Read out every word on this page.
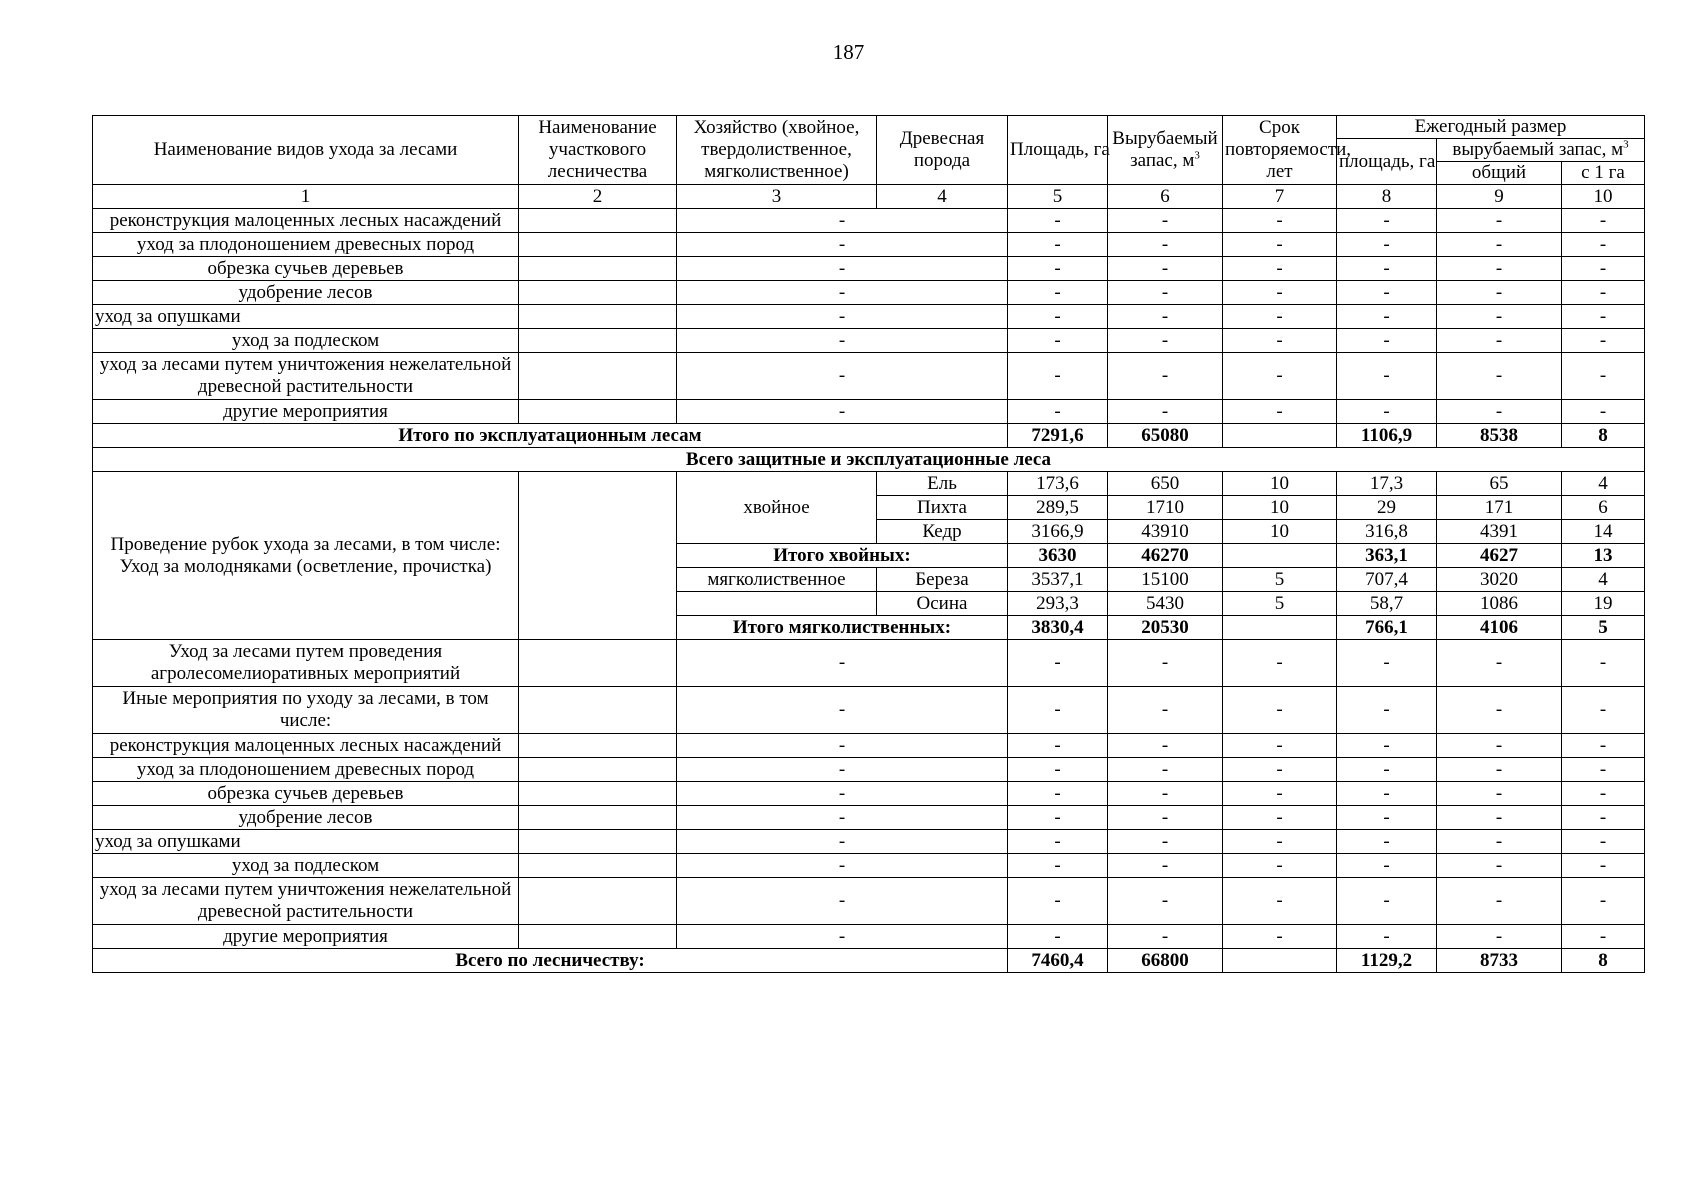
187
Наименование видов ухода за лесами	Наименование участкового лесничества	Хозяйство (хвойное, твердолиственное, мягколиственное)	Древесная порода	Площадь, га	Вырубаемый запас, $м^3$	Срок повторяемости, лет	Ежегодный размер		
							площадь, га	вырубаемый запас, $м^3$
								общий	с 1 га
1	2	3	4	5	6	7	8	9	10
реконструкция малоценных лесных насаждений		-		-	-	-	-	-	-
уход за плодоношением древесных пород		-		-	-	-	-	-	-
обрезка сучьев деревьев		-		-	-	-	-	-	-
удобрение лесов		-		-	-	-	-	-	-
уход за опушками		-		-	-	-	-	-	-
уход за подлеском		-		-	-	-	-	-	-
уход за лесами путем уничтожения нежелательной древесной растительности		-		-	-	-	-	-	-
другие мероприятия		-		-	-	-	-	-	-
Итого по эксплуатационным лесам				7291,6	65080		1106,9	8538	8
Всего защитные и эксплуатационные леса									
Проведение рубок ухода за лесами, в том числе: Уход за молодняками (осветление, прочистка)		хвойное	Ель	173,6	650	10	17,3	65	4
			Пихта	289,5	1710	10	29	171	6
			Кедр	3166,9	43910	10	316,8	4391	14
		Итого хвойных:		3630	46270		363,1	4627	13
		мягколиственное	Береза	3537,1	15100	5	707,4	3020	4
			Осина	293,3	5430	5	58,7	1086	19
		Итого мягколиственных:		3830,4	20530		766,1	4106	5
Уход за лесами путем проведения агролесомелиоративных мероприятий		-		-	-	-	-	-	-
Иные мероприятия по уходу за лесами, в том числе:		-		-	-	-	-	-	-
реконструкция малоценных лесных насаждений		-		-	-	-	-	-	-
уход за плодоношением древесных пород		-		-	-	-	-	-	-
обрезка сучьев деревьев		-		-	-	-	-	-	-
удобрение лесов		-		-	-	-	-	-	-
уход за опушками		-		-	-	-	-	-	-
уход за подлеском		-		-	-	-	-	-	-
уход за лесами путем уничтожения нежелательной древесной растительности		-		-	-	-	-	-	-
другие мероприятия		-		-	-	-	-	-	-
Всего по лесничеству:				7460,4	66800		1129,2	8733	8
